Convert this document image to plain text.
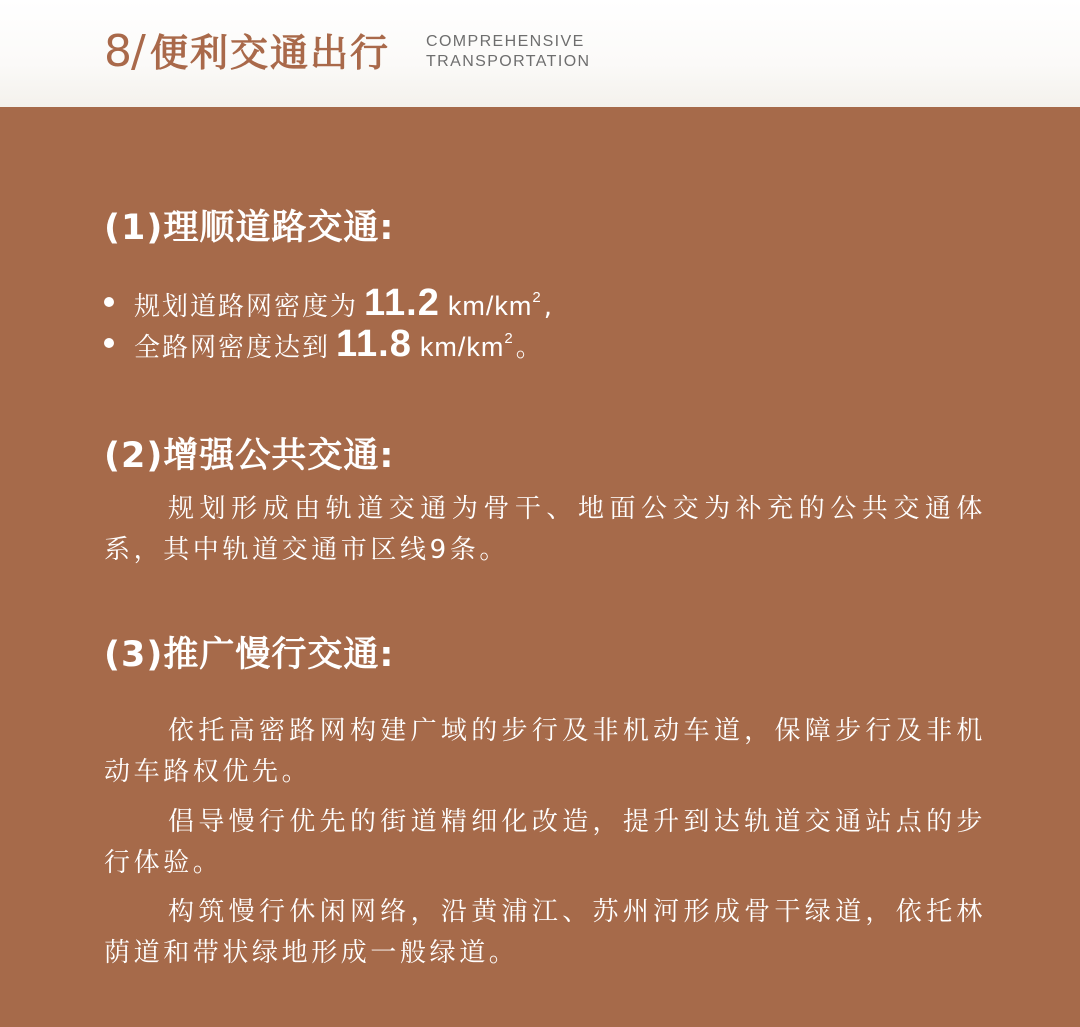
8 / 便利交通出行 COMPREHENSIVE
TRANSPORTATION
(1)理顺道路交通:
规划道路网密度为 11.2 $km/km^2$ ,
全路网密度达到 11.8 $km/km^2$ 。
(2)增强公共交通:

规划形成由轨道交通为骨干、地面公交为补充的公共交通体系，其中轨道交通市区线9条。

(3)推广慢行交通:

依托高密路网构建广域的步行及非机动车道，保障步行及非机动车路权优先。

倡导慢行优先的街道精细化改造，提升到达轨道交通站点的步行体验。

构筑慢行休闲网络，沿黄浦江、苏州河形成骨干绿道，依托林荫道和带状绿地形成一般绿道。
